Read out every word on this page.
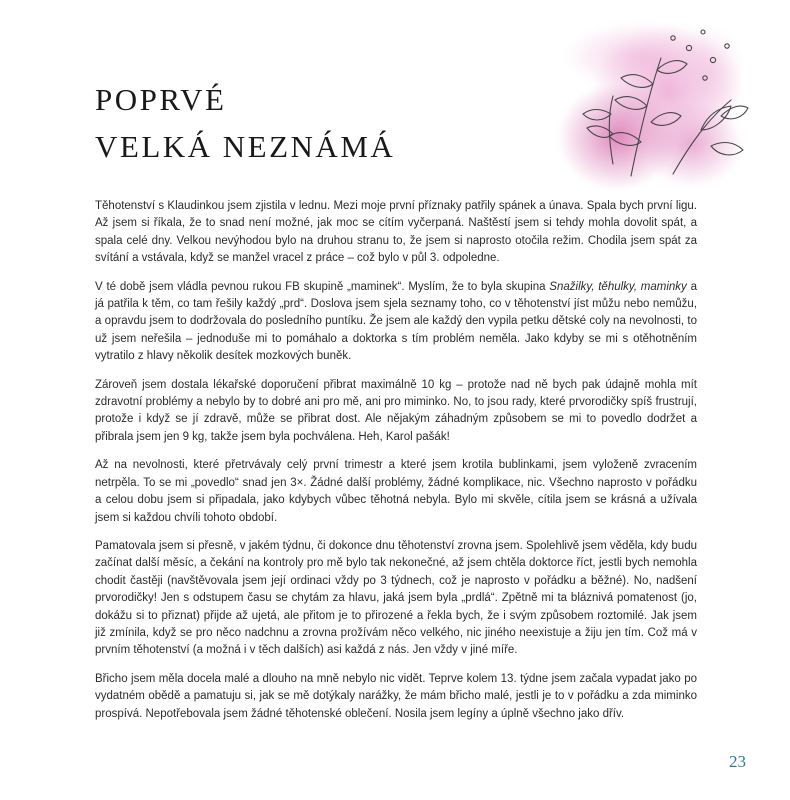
POPRVÉ
VELKÁ NEZNÁMÁ

Těhotenství s Klaudinkou jsem zjistila v lednu. Mezi moje první příznaky patřily spánek a únava. Spala bych první ligu. Až jsem si říkala, že to snad není možné, jak moc se cítím vyčerpaná. Naštěstí jsem si tehdy mohla dovolit spát, a spala celé dny. Velkou nevýhodou bylo na druhou stranu to, že jsem si naprosto otočila režim. Chodila jsem spát za svítání a vstávala, když se manžel vracel z práce – což bylo v půl 3. odpoledne.

V té době jsem vládla pevnou rukou FB skupině „maminek“. Myslím, že to byla skupina Snažilky, těhulky, maminky a já patřila k těm, co tam řešily každý „prd“. Doslova jsem sjela seznamy toho, co v těhotenství jíst můžu nebo nemůžu, a opravdu jsem to dodržovala do posledního puntíku. Že jsem ale každý den vypila petku dětské coly na nevolnosti, to už jsem neřešila – jednoduše mi to pomáhalo a doktorka s tím problém neměla. Jako kdyby se mi s otěhotněním vytratilo z hlavy několik desítek mozkových buněk.

Zároveň jsem dostala lékařské doporučení přibrat maximálně 10 kg – protože nad ně bych pak údajně mohla mít zdravotní problémy a nebylo by to dobré ani pro mě, ani pro miminko. No, to jsou rady, které prvorodičky spíš frustrují, protože i když se jí zdravě, může se přibrat dost. Ale nějakým záhadným způsobem se mi to povedlo dodržet a přibrala jsem jen 9 kg, takže jsem byla pochválena. Heh, Karol pašák!

Až na nevolnosti, které přetrvávaly celý první trimestr a které jsem krotila bublinkami, jsem vyloženě zvracením netrpěla. To se mi „povedlo“ snad jen 3×. Žádné další problémy, žádné komplikace, nic. Všechno naprosto v pořádku a celou dobu jsem si připadala, jako kdybych vůbec těhotná nebyla. Bylo mi skvěle, cítila jsem se krásná a užívala jsem si každou chvíli tohoto období.

Pamatovala jsem si přesně, v jakém týdnu, či dokonce dnu těhotenství zrovna jsem. Spolehlivě jsem věděla, kdy budu začínat další měsíc, a čekání na kontroly pro mě bylo tak nekonečné, až jsem chtěla doktorce říct, jestli bych nemohla chodit častěji (navštěvovala jsem její ordinaci vždy po 3 týdnech, což je naprosto v pořádku a běžné). No, nadšení prvorodičky! Jen s odstupem času se chytám za hlavu, jaká jsem byla „prdlá“. Zpětně mi ta bláznivá pomatenost (jo, dokážu si to přiznat) přijde až ujetá, ale přitom je to přirozené a řekla bych, že i svým způsobem roztomilé. Jak jsem již zmínila, když se pro něco nadchnu a zrovna prožívám něco velkého, nic jiného neexistuje a žiju jen tím. Což má v prvním těhotenství (a možná i v těch dalších) asi každá z nás. Jen vždy v jiné míře.

Břicho jsem měla docela malé a dlouho na mně nebylo nic vidět. Teprve kolem 13. týdne jsem začala vypadat jako po vydatném obědě a pamatuju si, jak se mě dotýkaly narážky, že mám břicho malé, jestli je to v pořádku a zda miminko prospívá. Nepotřebovala jsem žádné těhotenské oblečení. Nosila jsem legíny a úplně všechno jako dřív.

23
